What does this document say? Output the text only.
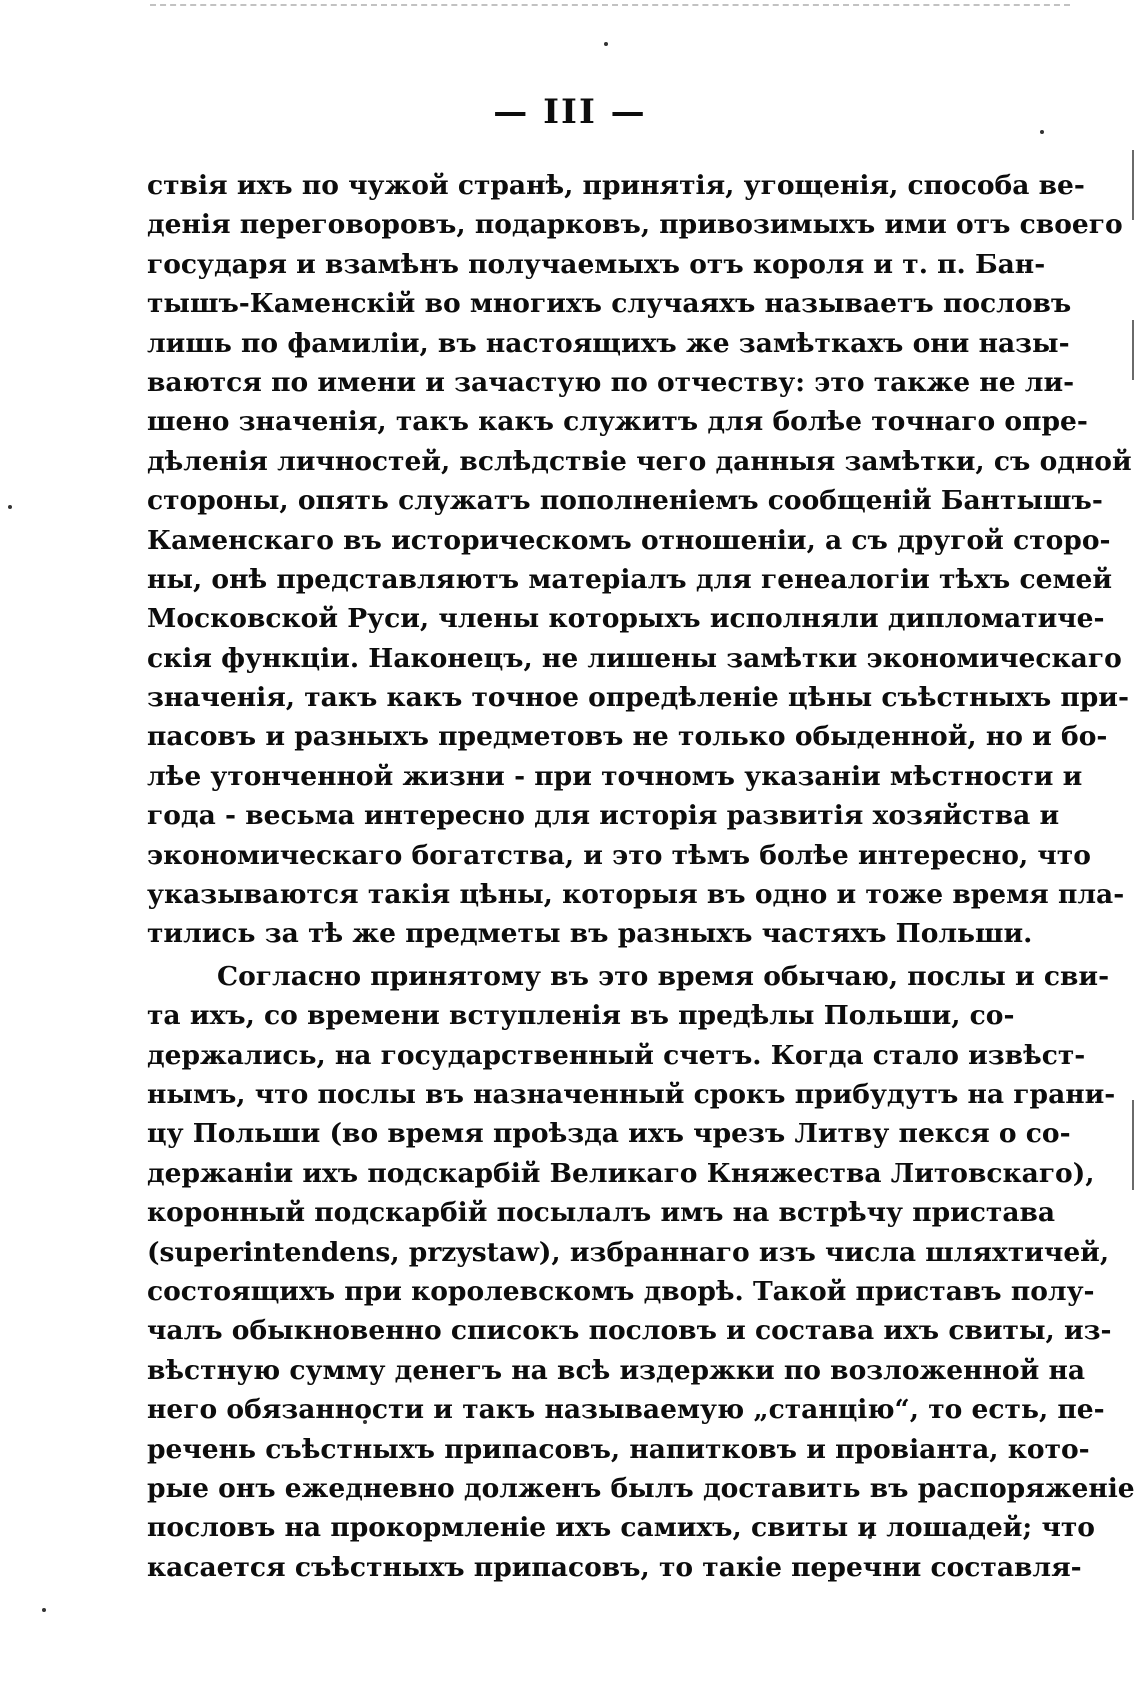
— III —
ствія ихъ по чужой странѣ, принятія, угощенія, способа ве-
денія переговоровъ, подарковъ, привозимыхъ ими отъ своего
государя и взамѣнъ получаемыхъ отъ короля и т. п. Бан-
тышъ-Каменскій во многихъ случаяхъ называетъ пословъ
лишь по фамиліи, въ настоящихъ же замѣткахъ они назы-
ваются по имени и зачастую по отчеству: это также не ли-
шено значенія, такъ какъ служитъ для болѣе точнаго опре-
дѣленія личностей, вслѣдствіе чего данныя замѣтки, съ одной
стороны, опять служатъ пополненіемъ сообщеній Бантышъ-
Каменскаго въ историческомъ отношеніи, а съ другой сторо-
ны, онѣ представляютъ матеріалъ для генеалогіи тѣхъ семей
Московской Руси, члены которыхъ исполняли дипломатиче-
скія функціи. Наконецъ, не лишены замѣтки экономическаго
значенія, такъ какъ точное опредѣленіе цѣны съѣстныхъ при-
пасовъ и разныхъ предметовъ не только обыденной, но и бо-
лѣе утонченной жизни - при точномъ указаніи мѣстности и
года - весьма интересно для исторія развитія хозяйства и
экономическаго богатства, и это тѣмъ болѣе интересно, что
указываются такія цѣны, которыя въ одно и тоже время пла-
тились за тѣ же предметы въ разныхъ частяхъ Польши.
Согласно принятому въ это время обычаю, послы и сви-
та ихъ, со времени вступленія въ предѣлы Польши, со-
держались, на государственный счетъ. Когда стало извѣст-
нымъ, что послы въ назначенный срокъ прибудутъ на грани-
цу Польши (во время проѣзда ихъ чрезъ Литву пекся о со-
держаніи ихъ подскарбій Великаго Княжества Литовскаго),
коронный подскарбій посылалъ имъ на встрѣчу пристава
(superintendens, przystaw), избраннаго изъ числа шляхтичей,
состоящихъ при королевскомъ дворѣ. Такой приставъ полу-
чалъ обыкновенно списокъ пословъ и состава ихъ свиты, из-
вѣстную сумму денегъ на всѣ издержки по возложенной на
него обязанности и такъ называемую „станцію“, то есть, пе-
речень съѣстныхъ припасовъ, напитковъ и провіанта, кото-
рые онъ ежедневно долженъ былъ доставить въ распоряженіе
пословъ на прокормленіе ихъ самихъ, свиты и лошадей; что
касается съѣстныхъ припасовъ, то такіе перечни составля-
